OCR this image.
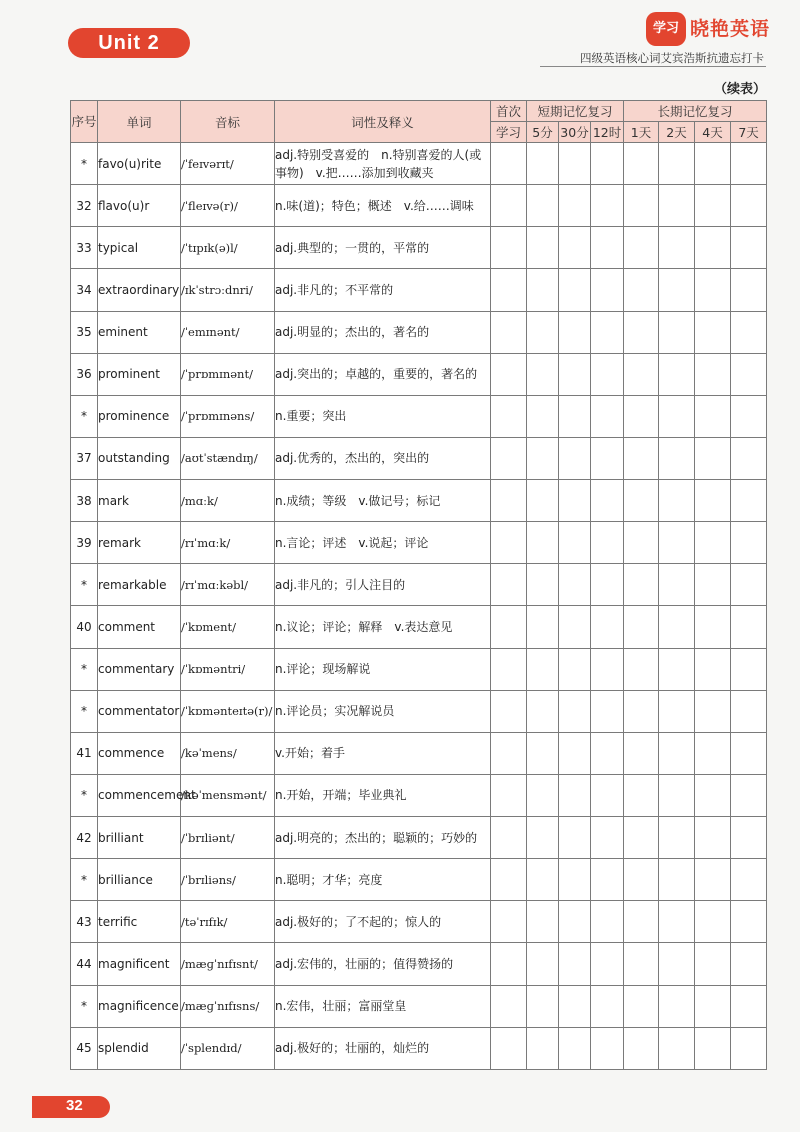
Unit 2
学习 晓艳英语
四级英语核心词艾宾浩斯抗遗忘打卡
（续表）
序号	单词	音标	词性及释义	首次	短期记忆复习			长期记忆复习			
				学习	5分	30分	12时	1天	2天	4天	7天
*	favo(u)rite	/ˈfeɪvərɪt/	adj.特别受喜爱的　n.特别喜爱的人(或事物)　v.把……添加到收藏夹								
32	flavo(u)r	/ˈfleɪvə(r)/	n.味(道)；特色；概述　v.给……调味								
33	typical	/ˈtɪpɪk(ə)l/	adj.典型的；一贯的，平常的								
34	extraordinary	/ɪkˈstrɔːdnri/	adj.非凡的；不平常的								
35	eminent	/ˈemɪnənt/	adj.明显的；杰出的，著名的								
36	prominent	/ˈprɒmɪnənt/	adj.突出的；卓越的，重要的，著名的								
*	prominence	/ˈprɒmɪnəns/	n.重要；突出								
37	outstanding	/aʊtˈstændɪŋ/	adj.优秀的，杰出的，突出的								
38	mark	/mɑːk/	n.成绩；等级　v.做记号；标记								
39	remark	/rɪˈmɑːk/	n.言论；评述　v.说起；评论								
*	remarkable	/rɪˈmɑːkəbl/	adj.非凡的；引人注目的								
40	comment	/ˈkɒment/	n.议论；评论；解释　v.表达意见								
*	commentary	/ˈkɒməntri/	n.评论；现场解说								
*	commentator	/ˈkɒmənteɪtə(r)/	n.评论员；实况解说员								
41	commence	/kəˈmens/	v.开始；着手								
*	commencement	/kəˈmensmənt/	n.开始，开端；毕业典礼								
42	brilliant	/ˈbrɪliənt/	adj.明亮的；杰出的；聪颖的；巧妙的								
*	brilliance	/ˈbrɪliəns/	n.聪明；才华；亮度								
43	terrific	/təˈrɪfɪk/	adj.极好的；了不起的；惊人的								
44	magnificent	/mæɡˈnɪfɪsnt/	adj.宏伟的，壮丽的；值得赞扬的								
*	magnificence	/mæɡˈnɪfɪsns/	n.宏伟，壮丽；富丽堂皇								
45	splendid	/ˈsplendɪd/	adj.极好的；壮丽的，灿烂的								
32
